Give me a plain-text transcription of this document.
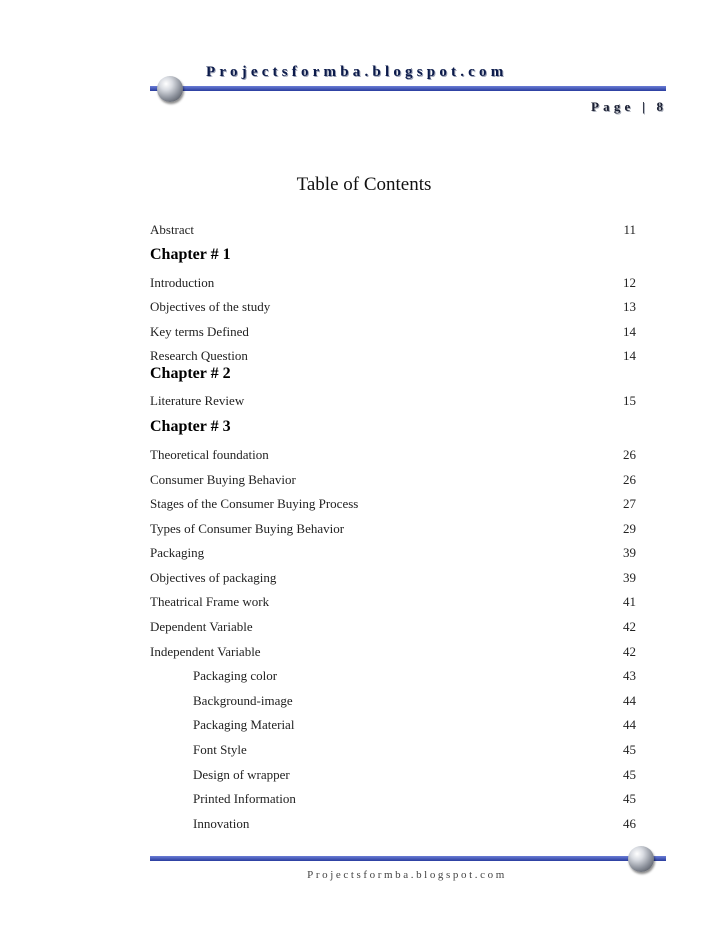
Projectsformba.blogspot.com
Page | 8
Table of Contents
Abstract	11
Chapter # 1
Introduction	12
Objectives of the study	13
Key terms Defined	14
Research Question	14
Chapter # 2
Literature Review	15
Chapter # 3
Theoretical foundation	26
Consumer Buying Behavior	26
Stages of the Consumer Buying Process	27
Types of Consumer Buying Behavior	29
Packaging	39
Objectives of packaging	39
Theatrical Frame work	41
Dependent Variable	42
Independent Variable	42
Packaging color	43
Background-image	44
Packaging Material	44
Font Style	45
Design of wrapper	45
Printed Information	45
Innovation	46
Projectsformba.blogspot.com
